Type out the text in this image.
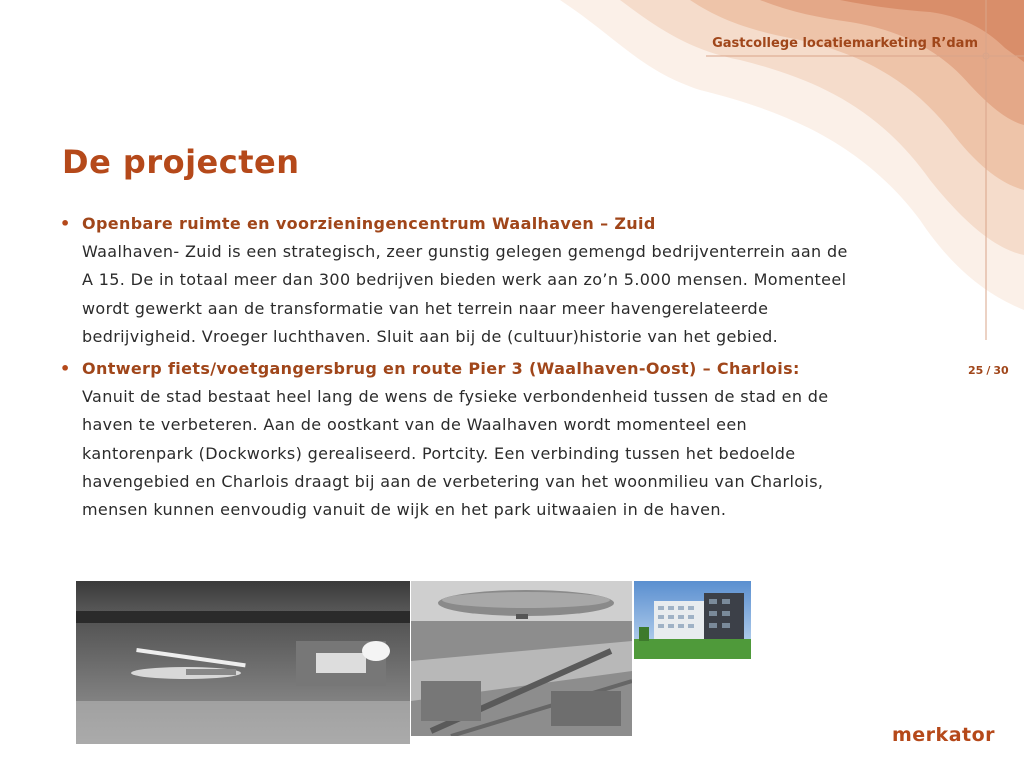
Gastcollege locatiemarketing R’dam
De projecten

• Openbare ruimte en voorzieningencentrum Waalhaven – Zuid
Waalhaven- Zuid is een strategisch, zeer gunstig gelegen gemengd bedrijventerrein aan de A 15. De in totaal meer dan 300 bedrijven bieden werk aan zo’n 5.000 mensen. Momenteel wordt gewerkt aan de transformatie van het terrein naar meer havengerelateerde bedrijvigheid. Vroeger luchthaven. Sluit aan bij de (cultuur)historie van het gebied.

• Ontwerp fiets/voetgangersbrug en route Pier 3 (Waalhaven-Oost) – Charlois: Vanuit de stad bestaat heel lang de wens de fysieke verbondenheid tussen de stad en de haven te verbeteren. Aan de oostkant van de Waalhaven wordt momenteel een kantorenpark (Dockworks) gerealiseerd. Portcity. Een verbinding tussen het bedoelde havengebied en Charlois draagt bij aan de verbetering van het woonmilieu van Charlois, mensen kunnen eenvoudig vanuit de wijk en het park uitwaaien in de haven.

25 / 30
merkator
